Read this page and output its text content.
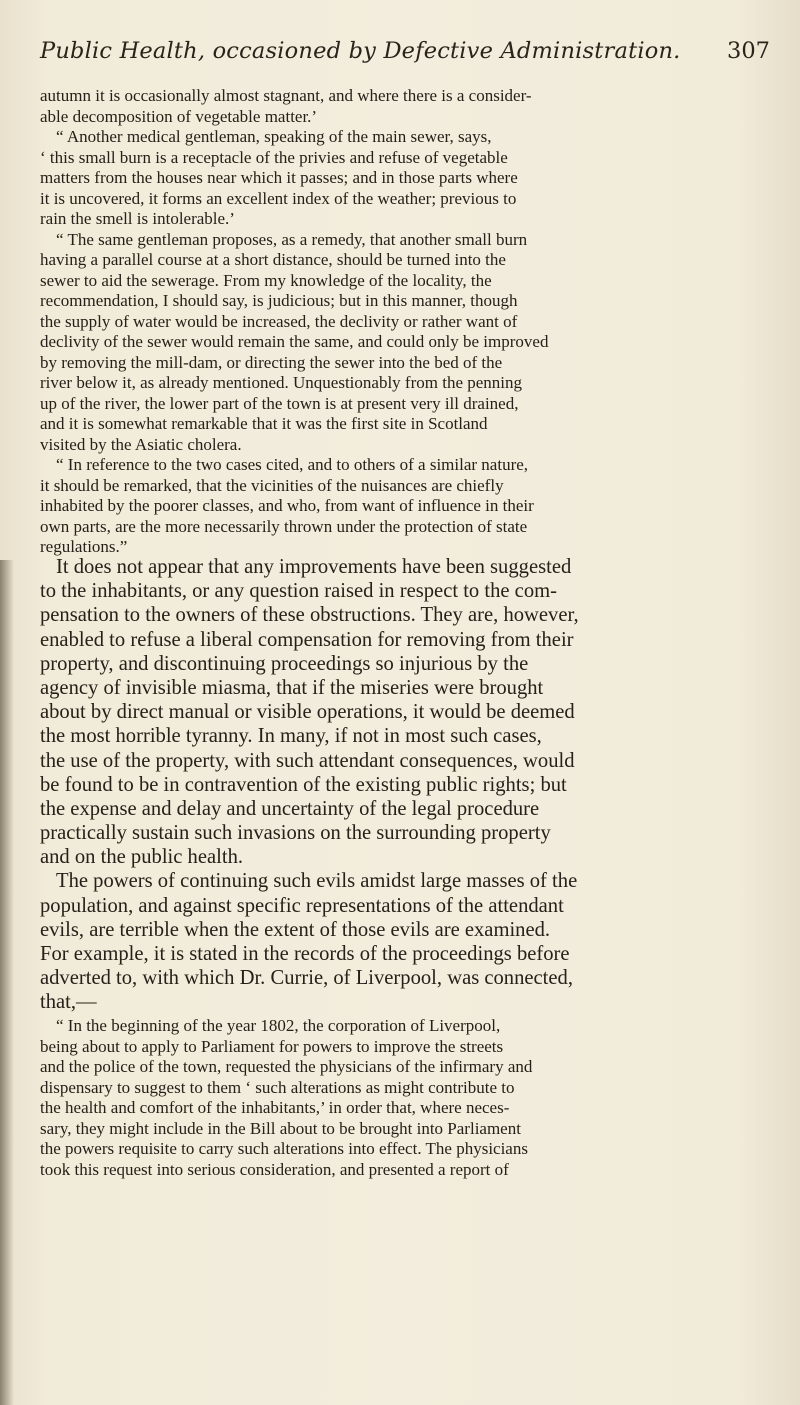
Public Health, occasioned by Defective Administration. 307
autumn it is occasionally almost stagnant, and where there is a consider-
able decomposition of vegetable matter.’
“ Another medical gentleman, speaking of the main sewer, says,
‘ this small burn is a receptacle of the privies and refuse of vegetable
matters from the houses near which it passes; and in those parts where
it is uncovered, it forms an excellent index of the weather; previous to
rain the smell is intolerable.’
“ The same gentleman proposes, as a remedy, that another small burn
having a parallel course at a short distance, should be turned into the
sewer to aid the sewerage. From my knowledge of the locality, the
recommendation, I should say, is judicious; but in this manner, though
the supply of water would be increased, the declivity or rather want of
declivity of the sewer would remain the same, and could only be improved
by removing the mill-dam, or directing the sewer into the bed of the
river below it, as already mentioned. Unquestionably from the penning
up of the river, the lower part of the town is at present very ill drained,
and it is somewhat remarkable that it was the first site in Scotland
visited by the Asiatic cholera.
“ In reference to the two cases cited, and to others of a similar nature,
it should be remarked, that the vicinities of the nuisances are chiefly
inhabited by the poorer classes, and who, from want of influence in their
own parts, are the more necessarily thrown under the protection of state
regulations.”
It does not appear that any improvements have been suggested
to the inhabitants, or any question raised in respect to the com-
pensation to the owners of these obstructions. They are, however,
enabled to refuse a liberal compensation for removing from their
property, and discontinuing proceedings so injurious by the
agency of invisible miasma, that if the miseries were brought
about by direct manual or visible operations, it would be deemed
the most horrible tyranny. In many, if not in most such cases,
the use of the property, with such attendant consequences, would
be found to be in contravention of the existing public rights; but
the expense and delay and uncertainty of the legal procedure
practically sustain such invasions on the surrounding property
and on the public health.
The powers of continuing such evils amidst large masses of the
population, and against specific representations of the attendant
evils, are terrible when the extent of those evils are examined.
For example, it is stated in the records of the proceedings before
adverted to, with which Dr. Currie, of Liverpool, was connected,
that,—
“ In the beginning of the year 1802, the corporation of Liverpool,
being about to apply to Parliament for powers to improve the streets
and the police of the town, requested the physicians of the infirmary and
dispensary to suggest to them ‘ such alterations as might contribute to
the health and comfort of the inhabitants,’ in order that, where neces-
sary, they might include in the Bill about to be brought into Parliament
the powers requisite to carry such alterations into effect. The physicians
took this request into serious consideration, and presented a report of
